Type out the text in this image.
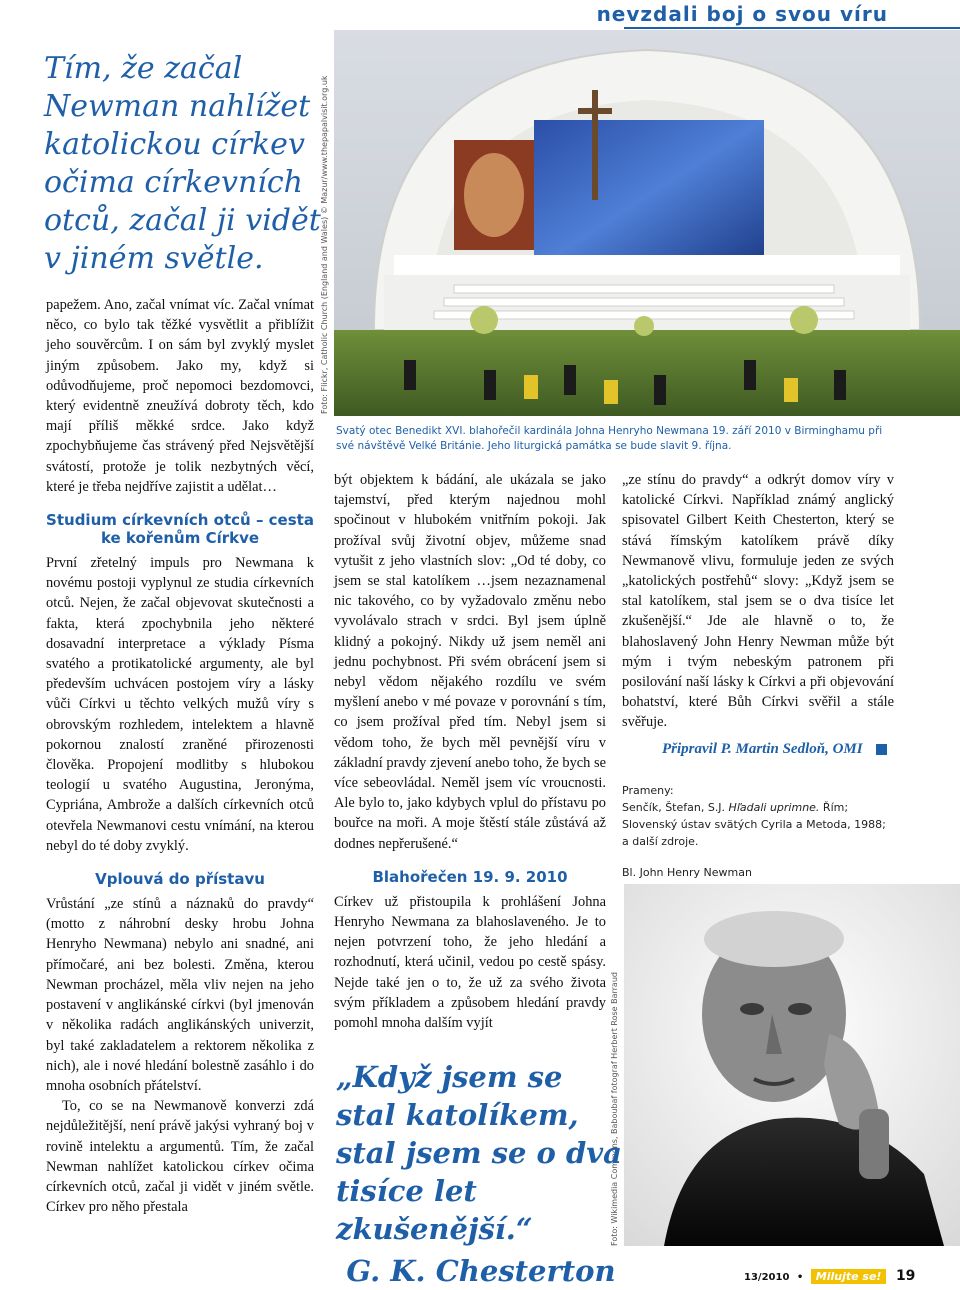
nevzdali boj o svou víru
Tím, že začal Newman nahlížet katolickou církev očima církevních otců, začal ji vidět v jiném světle.

papežem. Ano, začal vnímat víc. Začal vnímat něco, co bylo tak těžké vysvětlit a přiblížit jeho souvěrcům. I on sám byl zvyklý myslet jiným způsobem. Jako my, když si odůvodňujeme, proč nepomoci bezdomovci, který evidentně zneužívá dobroty těch, kdo mají příliš měkké srdce. Jako když zpochybňujeme čas strávený před Nejsvětější svátostí, protože je tolik nezbytných věcí, které je třeba nejdříve zajistit a udělat…

Studium církevních otců – cesta ke kořenům Církve

První zřetelný impuls pro Newmana k novému postoji vyplynul ze studia církevních otců. Nejen, že začal objevovat skutečnosti a fakta, která zpochybnila jeho některé dosavadní interpretace a výklady Písma svatého a protikatolické argumenty, ale byl především uchvácen postojem víry a lásky vůči Církvi u těchto velkých mužů víry s obrovským rozhledem, intelektem a hlavně pokornou znalostí zraněné přirozenosti člověka. Propojení modlitby s hlubokou teologií u svatého Augustina, Jeronýma, Cypriána, Ambrože a dalších církevních otců otevřela Newmanovi cestu vnímání, na kterou nebyl do té doby zvyklý.

Vplouvá do přístavu

Vrůstání „ze stínů a náznaků do pravdy“ (motto z náhrobní desky hrobu Johna Henryho Newmana) nebylo ani snadné, ani přímočaré, ani bez bolesti. Změna, kterou Newman procházel, měla vliv nejen na jeho postavení v anglikánské církvi (byl jmenován v několika radách anglikánských univerzit, byl také zakladatelem a rektorem několika z nich), ale i nové hledání bolestně zasáhlo i do mnoha osobních přátelství.

To, co se na Newmanově konverzi zdá nejdůležitější, není právě jakýsi vyhraný boj v rovině intelektu a argumentů. Tím, že začal Newman nahlížet katolickou církev očima církevních otců, začal ji vidět v jiném světle. Církev pro něho přestala

Foto: Flickr, Catholic Church (England and Wales) © Mazur/www.thepapalvisit.org.uk
Svatý otec Benedikt XVI. blahořečil kardinála Johna Henryho Newmana 19. září 2010 v Birminghamu při své návštěvě Velké Británie. Jeho liturgická památka se bude slavit 9. října.

být objektem k bádání, ale ukázala se jako tajemství, před kterým najednou mohl spočinout v hlubokém vnitřním pokoji. Jak prožíval svůj životní objev, můžeme snad vytušit z jeho vlastních slov: „Od té doby, co jsem se stal katolíkem …jsem nezaznamenal nic takového, co by vyžadovalo změnu nebo vyvolávalo strach v srdci. Byl jsem úplně klidný a pokojný. Nikdy už jsem neměl ani jednu pochybnost. Při svém obrácení jsem si nebyl vědom nějakého rozdílu ve svém myšlení anebo v mé povaze v porovnání s tím, co jsem prožíval před tím. Nebyl jsem si vědom toho, že bych měl pevnější víru v základní pravdy zjevení anebo toho, že bych se více sebeovládal. Neměl jsem víc vroucnosti. Ale bylo to, jako kdybych vplul do přístavu po bouřce na moři. A moje štěstí stále zůstává až dodnes nepřerušené.“

Blahořečen 19. 9. 2010

Církev už přistoupila k prohlášení Johna Henryho Newmana za blahoslaveného. Je to nejen potvrzení toho, že jeho hledání a rozhodnutí, která učinil, vedou po cestě spásy. Nejde také jen o to, že už za svého života svým příkladem a způsobem hledání pravdy pomohl mnoha dalším vyjít

„ze stínu do pravdy“ a odkrýt domov víry v katolické Církvi. Například známý anglický spisovatel Gilbert Keith Chesterton, který se stává římským katolíkem právě díky Newmanově vlivu, formuluje jeden ze svých „katolických postřehů“ slovy: „Když jsem se stal katolíkem, stal jsem se o dva tisíce let zkušenější.“ Jde ale hlavně o to, že blahoslavený John Henry Newman může být mým i tvým nebeským patronem při posilování naší lásky k Církvi a při objevování bohatství, které Bůh Církvi svěřil a stále svěřuje.

Připravil P. Martin Sedloň, OMI
Prameny:
Senčík, Štefan, S.J. Hľadali uprimne. Řím; Slovenský ústav svätých Cyrila a Metoda, 1988; a další zdroje.
Bl. John Henry Newman
Foto: Wikimedia Commons, Baboubaf fotograf Herbert Rose Barraud
„Když jsem se stal katolíkem, stal jsem se o dva tisíce let zkušenější.“
G. K. Chesterton	13/2010 • Milujte se! 19
